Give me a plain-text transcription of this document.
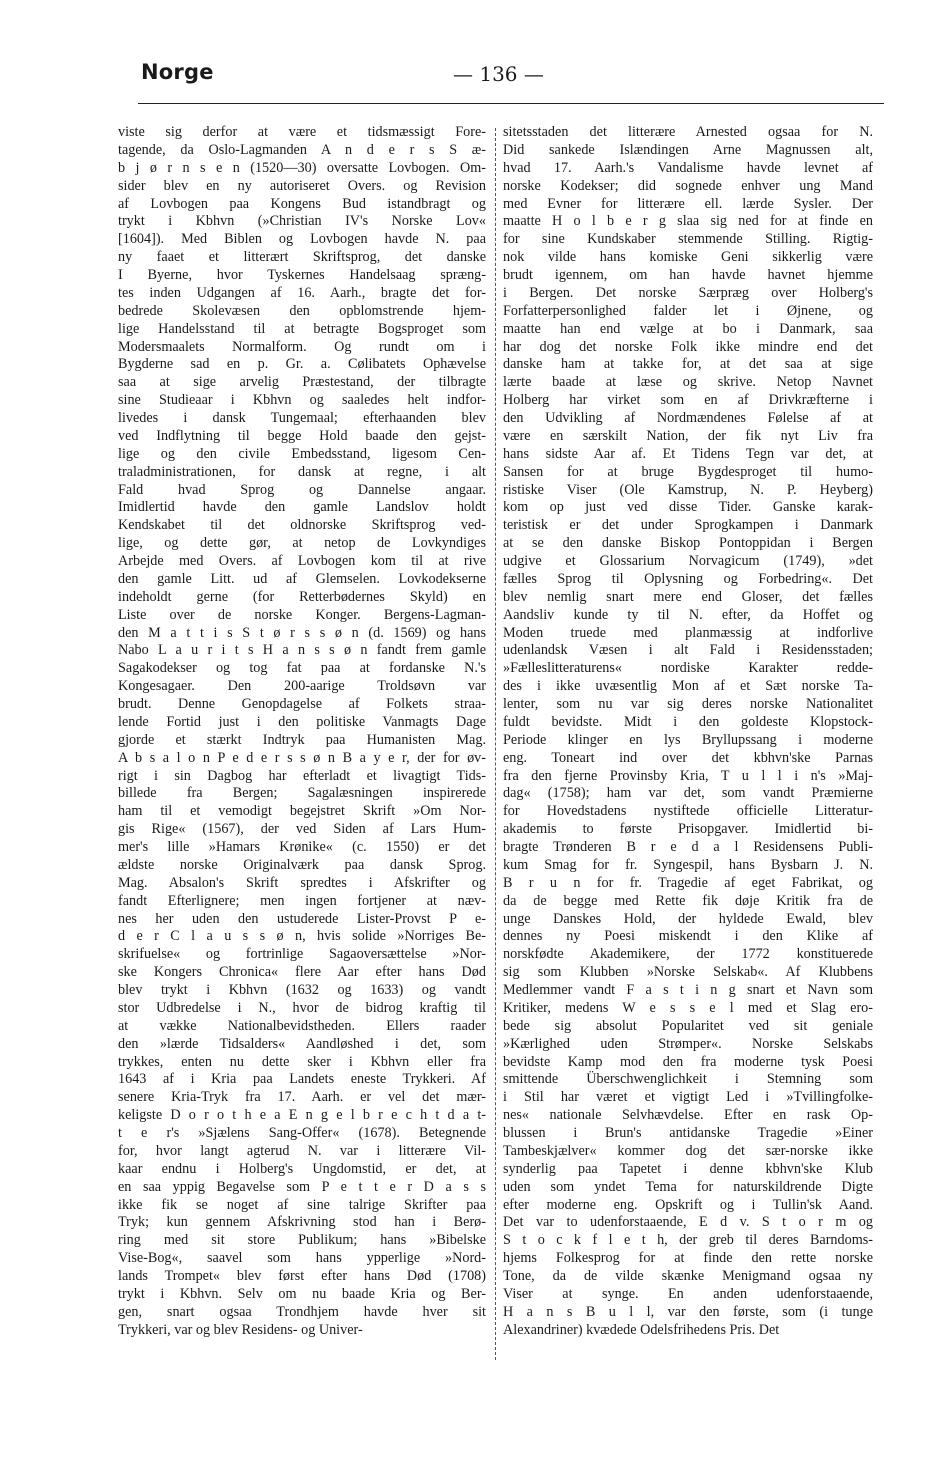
Norge	— 136 —
viste sig derfor at være et tidsmæssigt Fore-
tagende, da Oslo-Lagmanden A n d e r s S æ-
b j ø r n s e n (1520—30) oversatte Lovbogen. Om-
sider blev en ny autoriseret Overs. og Revision
af Lovbogen paa Kongens Bud istandbragt og
trykt i Kbhvn (»Christian IV's Norske Lov«
[1604]). Med Biblen og Lovbogen havde N. paa
ny faaet et litterært Skriftsprog, det danske
I Byerne, hvor Tyskernes Handelsaag spræng-
tes inden Udgangen af 16. Aarh., bragte det for-
bedrede Skolevæsen den opblomstrende hjem-
lige Handelsstand til at betragte Bogsproget som
Modersmaalets Normalform. Og rundt om i
Bygderne sad en p. Gr. a. Cølibatets Ophævelse
saa at sige arvelig Præstestand, der tilbragte
sine Studieaar i Kbhvn og saaledes helt indfor-
livedes i dansk Tungemaal; efterhaanden blev
ved Indflytning til begge Hold baade den gejst-
lige og den civile Embedsstand, ligesom Cen-
traladministrationen, for dansk at regne, i alt
Fald hvad Sprog og Dannelse angaar.
Imidlertid havde den gamle Landslov holdt
Kendskabet til det oldnorske Skriftsprog ved-
lige, og dette gør, at netop de Lovkyndiges
Arbejde med Overs. af Lovbogen kom til at rive
den gamle Litt. ud af Glemselen. Lovkodekserne
indeholdt gerne (for Retterbødernes Skyld) en
Liste over de norske Konger. Bergens-Lagman-
den M a t t i s S t ø r s s ø n (d. 1569) og hans
Nabo L a u r i t s H a n s s ø n fandt frem gamle
Sagakodekser og tog fat paa at fordanske N.'s
Kongesagaer. Den 200-aarige Troldsøvn var
brudt. Denne Genopdagelse af Folkets straa-
lende Fortid just i den politiske Vanmagts Dage
gjorde et stærkt Indtryk paa Humanisten Mag.
A b s a l o n P e d e r s s ø n B a y e r, der for øv-
rigt i sin Dagbog har efterladt et livagtigt Tids-
billede fra Bergen; Sagalæsningen inspirerede
ham til et vemodigt begejstret Skrift »Om Nor-
gis Rige« (1567), der ved Siden af Lars Hum-
mer's lille »Hamars Krønike« (c. 1550) er det
ældste norske Originalværk paa dansk Sprog.
Mag. Absalon's Skrift spredtes i Afskrifter og
fandt Efterlignere; men ingen fortjener at næv-
nes her uden den ustuderede Lister-Provst P e-
d e r C l a u s s ø n, hvis solide »Norriges Be-
skrifuelse« og fortrinlige Sagaoversættelse »Nor-
ske Kongers Chronica« flere Aar efter hans Død
blev trykt i Kbhvn (1632 og 1633) og vandt
stor Udbredelse i N., hvor de bidrog kraftig til
at vække Nationalbevidstheden. Ellers raader
den »lærde Tidsalders« Aandløshed i det, som
trykkes, enten nu dette sker i Kbhvn eller fra
1643 af i Kria paa Landets eneste Trykkeri. Af
senere Kria-Tryk fra 17. Aarh. er vel det mær-
keligste D o r o t h e a E n g e l b r e c h t d a t-
t e r's »Sjælens Sang-Offer« (1678). Betegnende
for, hvor langt agterud N. var i litterære Vil-
kaar endnu i Holberg's Ungdomstid, er det, at
en saa yppig Begavelse som P e t t e r D a s s
ikke fik se noget af sine talrige Skrifter paa
Tryk; kun gennem Afskrivning stod han i Berø-
ring med sit store Publikum; hans »Bibelske
Vise-Bog«, saavel som hans ypperlige »Nord-
lands Trompet« blev først efter hans Død (1708)
trykt i Kbhvn. Selv om nu baade Kria og Ber-
gen, snart ogsaa Trondhjem havde hver sit
Trykkeri, var og blev Residens- og Univer-
sitetsstaden det litterære Arnested ogsaa for N.
Did sankede Islændingen Arne Magnussen alt,
hvad 17. Aarh.'s Vandalisme havde levnet af
norske Kodekser; did sognede enhver ung Mand
med Evner for litterære ell. lærde Sysler. Der
maatte H o l b e r g slaa sig ned for at finde en
for sine Kundskaber stemmende Stilling. Rigtig-
nok vilde hans komiske Geni sikkerlig være
brudt igennem, om han havde havnet hjemme
i Bergen. Det norske Særpræg over Holberg's
Forfatterpersonlighed falder let i Øjnene, og
maatte han end vælge at bo i Danmark, saa
har dog det norske Folk ikke mindre end det
danske ham at takke for, at det saa at sige
lærte baade at læse og skrive. Netop Navnet
Holberg har virket som en af Drivkræfterne i
den Udvikling af Nordmændenes Følelse af at
være en særskilt Nation, der fik nyt Liv fra
hans sidste Aar af. Et Tidens Tegn var det, at
Sansen for at bruge Bygdesproget til humo-
ristiske Viser (Ole Kamstrup, N. P. Heyberg)
kom op just ved disse Tider. Ganske karak-
teristisk er det under Sprogkampen i Danmark
at se den danske Biskop Pontoppidan i Bergen
udgive et Glossarium Norvagicum (1749), »det
fælles Sprog til Oplysning og Forbedring«. Det
blev nemlig snart mere end Gloser, det fælles
Aandsliv kunde ty til N. efter, da Hoffet og
Moden truede med planmæssig at indforlive
udenlandsk Væsen i alt Fald i Residensstaden;
»Fælleslitteraturens« nordiske Karakter redde-
des i ikke uvæsentlig Mon af et Sæt norske Ta-
lenter, som nu var sig deres norske Nationalitet
fuldt bevidste. Midt i den goldeste Klopstock-
Periode klinger en lys Bryllupssang i moderne
eng. Toneart ind over det kbhvn'ske Parnas
fra den fjerne Provinsby Kria, T u l l i n's »Maj-
dag« (1758); ham var det, som vandt Præmierne
for Hovedstadens nystiftede officielle Litteratur-
akademis to første Prisopgaver. Imidlertid bi-
bragte Trønderen B r e d a l Residensens Publi-
kum Smag for fr. Syngespil, hans Bysbarn J. N.
B r u n for fr. Tragedie af eget Fabrikat, og
da de begge med Rette fik døje Kritik fra de
unge Danskes Hold, der hyldede Ewald, blev
dennes ny Poesi miskendt i den Klike af
norskfødte Akademikere, der 1772 konstituerede
sig som Klubben »Norske Selskab«. Af Klubbens
Medlemmer vandt F a s t i n g snart et Navn som
Kritiker, medens W e s s e l med et Slag ero-
bede sig absolut Popularitet ved sit geniale
»Kærlighed uden Strømper«. Norske Selskabs
bevidste Kamp mod den fra moderne tysk Poesi
smittende Überschwenglichkeit i Stemning som
i Stil har været et vigtigt Led i »Tvillingfolke-
nes« nationale Selvhævdelse. Efter en rask Op-
blussen i Brun's antidanske Tragedie »Einer
Tambeskjælver« kommer dog det sær-norske ikke
synderlig paa Tapetet i denne kbhvn'ske Klub
uden som yndet Tema for naturskildrende Digte
efter moderne eng. Opskrift og i Tullin'sk Aand.
Det var to udenforstaaende, E d v. S t o r m og
S t o c k f l e t h, der greb til deres Barndoms-
hjems Folkesprog for at finde den rette norske
Tone, da de vilde skænke Menigmand ogsaa ny
Viser at synge. En anden udenforstaaende,
H a n s B u l l, var den første, som (i tunge
Alexandriner) kvædede Odelsfrihedens Pris. Det
